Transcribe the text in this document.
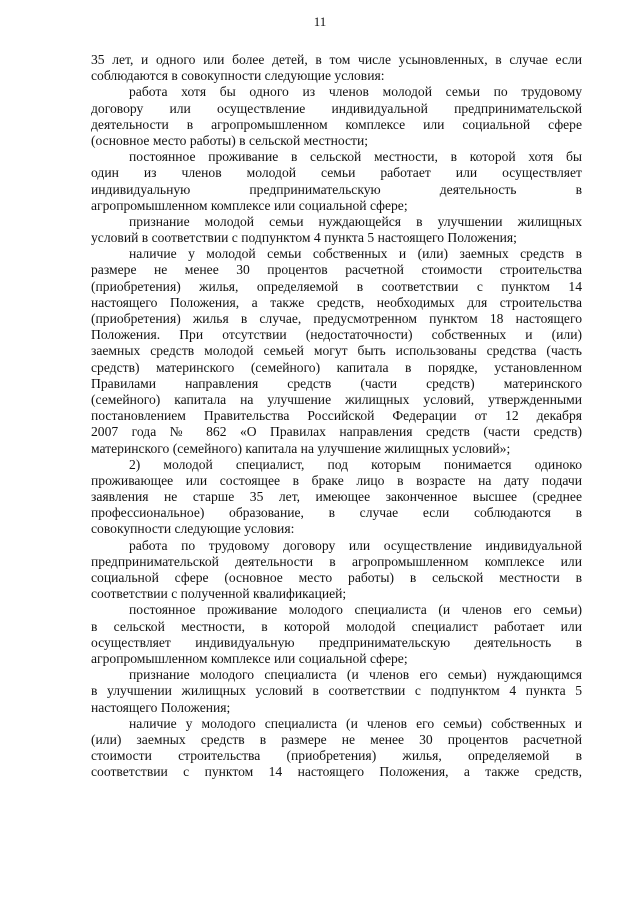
11
35 лет, и одного или более детей, в том числе усыновленных, в случае если
соблюдаются в совокупности следующие условия:
работа хотя бы одного из членов молодой семьи по трудовому
договору или осуществление индивидуальной предпринимательской
деятельности в агропромышленном комплексе или социальной сфере
(основное место работы) в сельской местности;
постоянное проживание в сельской местности, в которой хотя бы
один из членов молодой семьи работает или осуществляет
индивидуальную предпринимательскую деятельность в
агропромышленном комплексе или социальной сфере;
признание молодой семьи нуждающейся в улучшении жилищных
условий в соответствии с подпунктом 4 пункта 5 настоящего Положения;
наличие у молодой семьи собственных и (или) заемных средств в
размере не менее 30 процентов расчетной стоимости строительства
(приобретения) жилья, определяемой в соответствии с пунктом 14
настоящего Положения, а также средств, необходимых для строительства
(приобретения) жилья в случае, предусмотренном пунктом 18 настоящего
Положения. При отсутствии (недостаточности) собственных и (или)
заемных средств молодой семьей могут быть использованы средства (часть
средств) материнского (семейного) капитала в порядке, установленном
Правилами направления средств (части средств) материнского
(семейного) капитала на улучшение жилищных условий, утвержденными
постановлением Правительства Российской Федерации от 12 декабря
2007 года № 862 «О Правилах направления средств (части средств)
материнского (семейного) капитала на улучшение жилищных условий»;
2) молодой специалист, под которым понимается одиноко
проживающее или состоящее в браке лицо в возрасте на дату подачи
заявления не старше 35 лет, имеющее законченное высшее (среднее
профессиональное) образование, в случае если соблюдаются в
совокупности следующие условия:
работа по трудовому договору или осуществление индивидуальной
предпринимательской деятельности в агропромышленном комплексе или
социальной сфере (основное место работы) в сельской местности в
соответствии с полученной квалификацией;
постоянное проживание молодого специалиста (и членов его семьи)
в сельской местности, в которой молодой специалист работает или
осуществляет индивидуальную предпринимательскую деятельность в
агропромышленном комплексе или социальной сфере;
признание молодого специалиста (и членов его семьи) нуждающимся
в улучшении жилищных условий в соответствии с подпунктом 4 пункта 5
настоящего Положения;
наличие у молодого специалиста (и членов его семьи) собственных и
(или) заемных средств в размере не менее 30 процентов расчетной
стоимости строительства (приобретения) жилья, определяемой в
соответствии с пунктом 14 настоящего Положения, а также средств,
